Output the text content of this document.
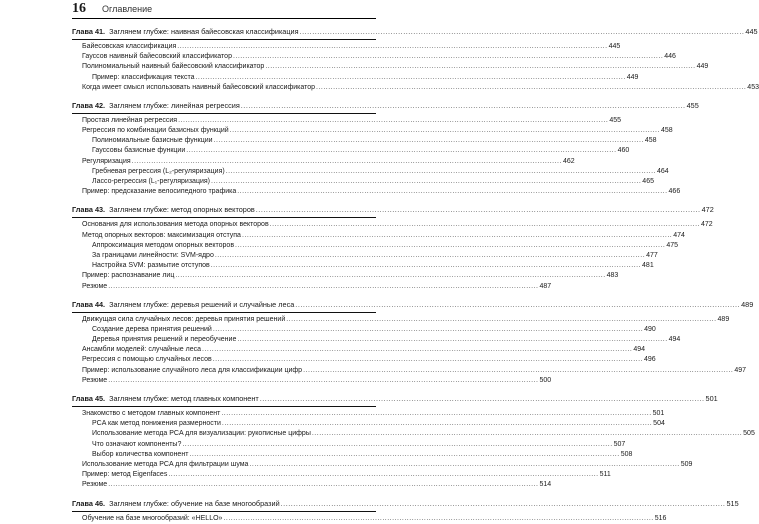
16 Оглавление
Глава 41. Заглянем глубже: наивная байесовская классификация .....	445
Байесовская классификация .....	445
Гауссов наивный байесовский классификатор .....	446
Полиномиальный наивный байесовский классификатор .....	449
Пример: классификация текста .....	449
Когда имеет смысл использовать наивный байесовский классификатор .....	453
Глава 42. Заглянем глубже: линейная регрессия .....	455
Простая линейная регрессия .....	455
Регрессия по комбинации базисных функций .....	458
Полиномиальные базисные функции .....	458
Гауссовы базисные функции .....	460
Регуляризация .....	462
Гребневая регрессия (L₂-регуляризация) .....	464
Лассо-регрессия (L₁-регуляризация) .....	465
Пример: предсказание велосипедного трафика .....	466
Глава 43. Заглянем глубже: метод опорных векторов .....	472
Основания для использования метода опорных векторов .....	472
Метод опорных векторов: максимизация отступа .....	474
Аппроксимация методом опорных векторов .....	475
За границами линейности: SVM-ядро .....	477
Настройка SVM: размытие отступов .....	481
Пример: распознавание лиц .....	483
Резюме .....	487
Глава 44. Заглянем глубже: деревья решений и случайные леса .....	489
Движущая сила случайных лесов: деревья принятия решений .....	489
Создание дерева принятия решений .....	490
Деревья принятия решений и переобучение .....	494
Ансамбли моделей: случайные леса .....	494
Регрессия с помощью случайных лесов .....	496
Пример: использование случайного леса для классификации цифр .....	497
Резюме .....	500
Глава 45. Заглянем глубже: метод главных компонент .....	501
Знакомство с методом главных компонент .....	501
PCA как метод понижения размерности .....	504
Использование метода PCA для визуализации: рукописные цифры .....	505
Что означают компоненты? .....	507
Выбор количества компонент .....	508
Использование метода PCA для фильтрации шума .....	509
Пример: метод Eigenfaces .....	511
Резюме .....	514
Глава 46. Заглянем глубже: обучение на базе многообразий .....	515
Обучение на базе многообразий: «HELLO» .....	516
